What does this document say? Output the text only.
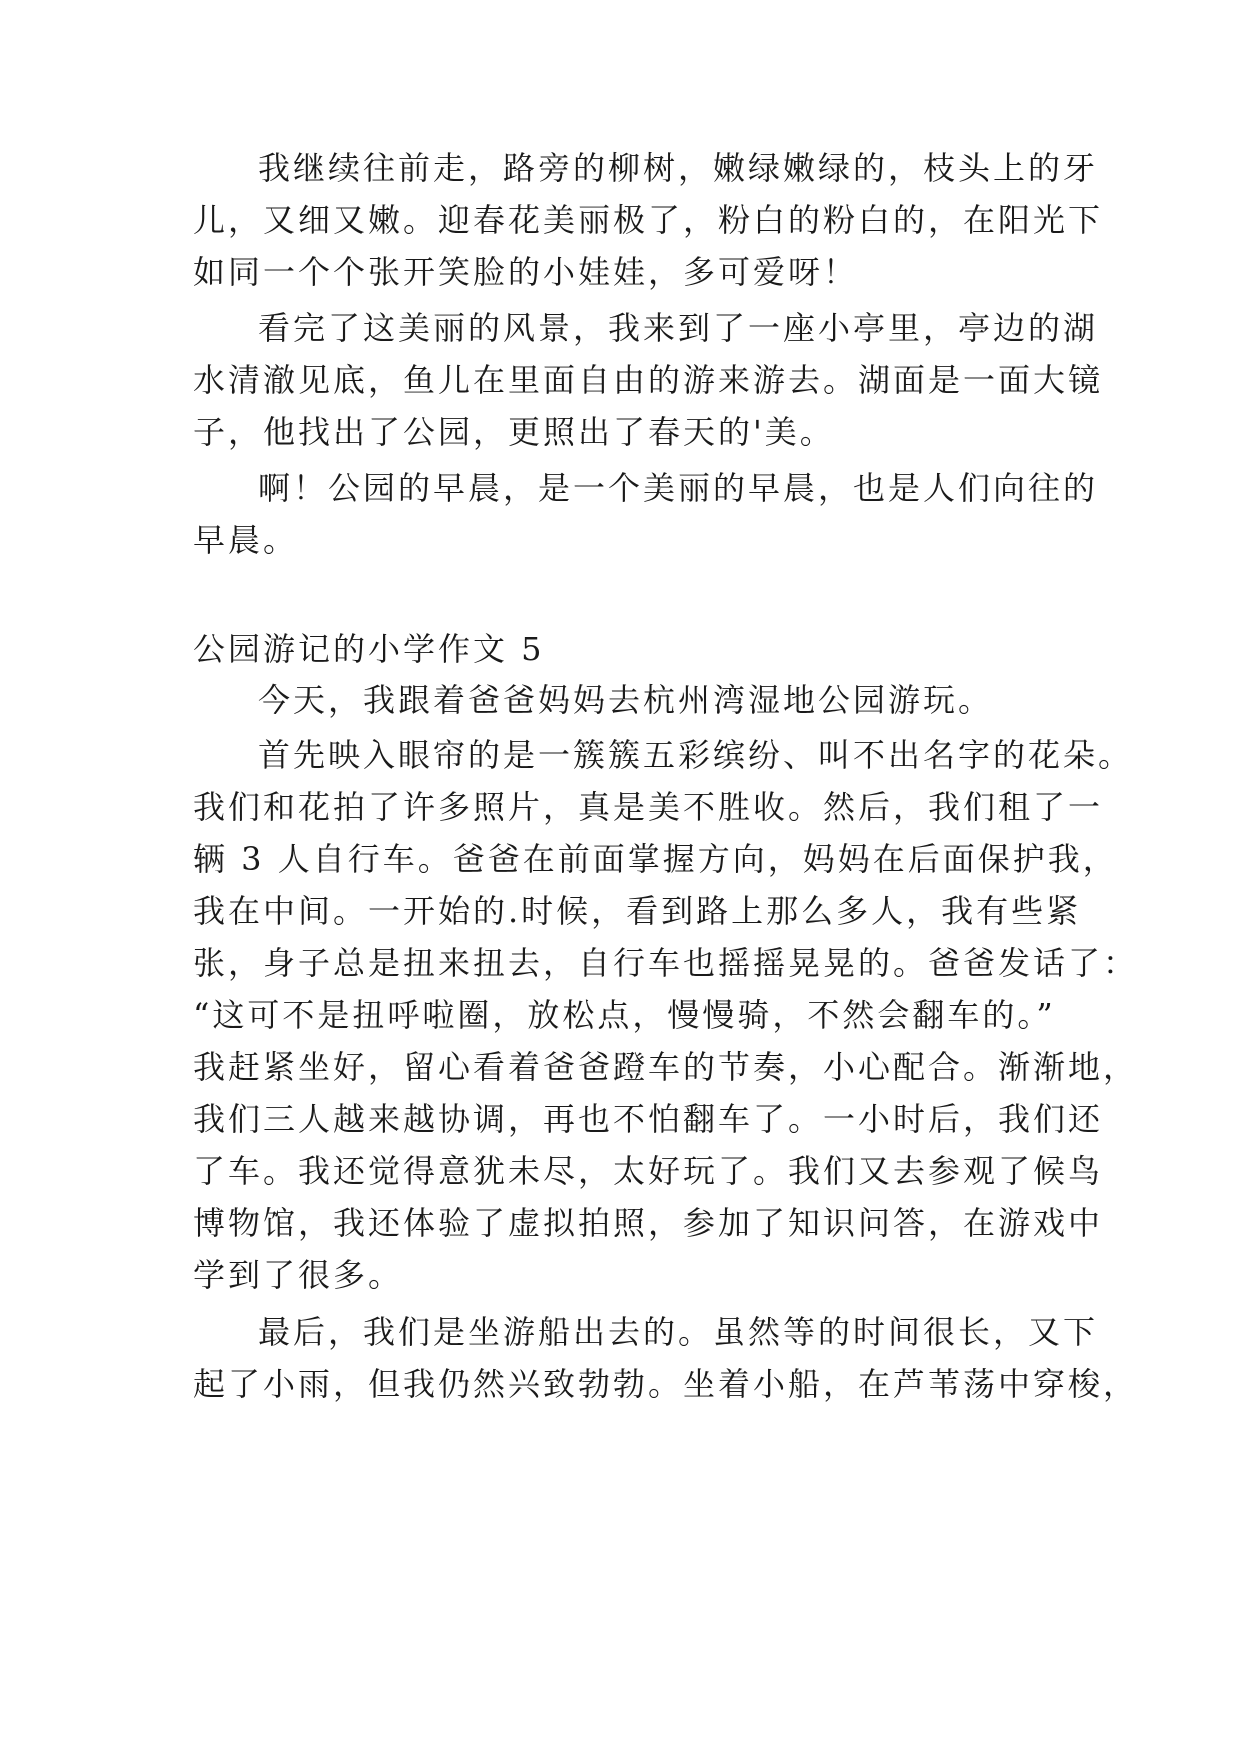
我继续往前走，路旁的柳树，嫩绿嫩绿的，枝头上的牙
儿，又细又嫩。迎春花美丽极了，粉白的粉白的，在阳光下
如同一个个张开笑脸的小娃娃，多可爱呀！
看完了这美丽的风景，我来到了一座小亭里，亭边的湖
水清澈见底，鱼儿在里面自由的游来游去。湖面是一面大镜
子，他找出了公园，更照出了春天的'美。
啊！公园的早晨，是一个美丽的早晨，也是人们向往的
早晨。
公园游记的小学作文 5
今天，我跟着爸爸妈妈去杭州湾湿地公园游玩。
首先映入眼帘的是一簇簇五彩缤纷、叫不出名字的花朵。
我们和花拍了许多照片，真是美不胜收。然后，我们租了一
辆 3 人自行车。爸爸在前面掌握方向，妈妈在后面保护我，
我在中间。一开始的.时候，看到路上那么多人，我有些紧
张，身子总是扭来扭去，自行车也摇摇晃晃的。爸爸发话了：
“这可不是扭呼啦圈，放松点，慢慢骑，不然会翻车的。”
我赶紧坐好，留心看着爸爸蹬车的节奏，小心配合。渐渐地，
我们三人越来越协调，再也不怕翻车了。一小时后，我们还
了车。我还觉得意犹未尽，太好玩了。我们又去参观了候鸟
博物馆，我还体验了虚拟拍照，参加了知识问答，在游戏中
学到了很多。
最后，我们是坐游船出去的。虽然等的时间很长，又下
起了小雨，但我仍然兴致勃勃。坐着小船，在芦苇荡中穿梭，
